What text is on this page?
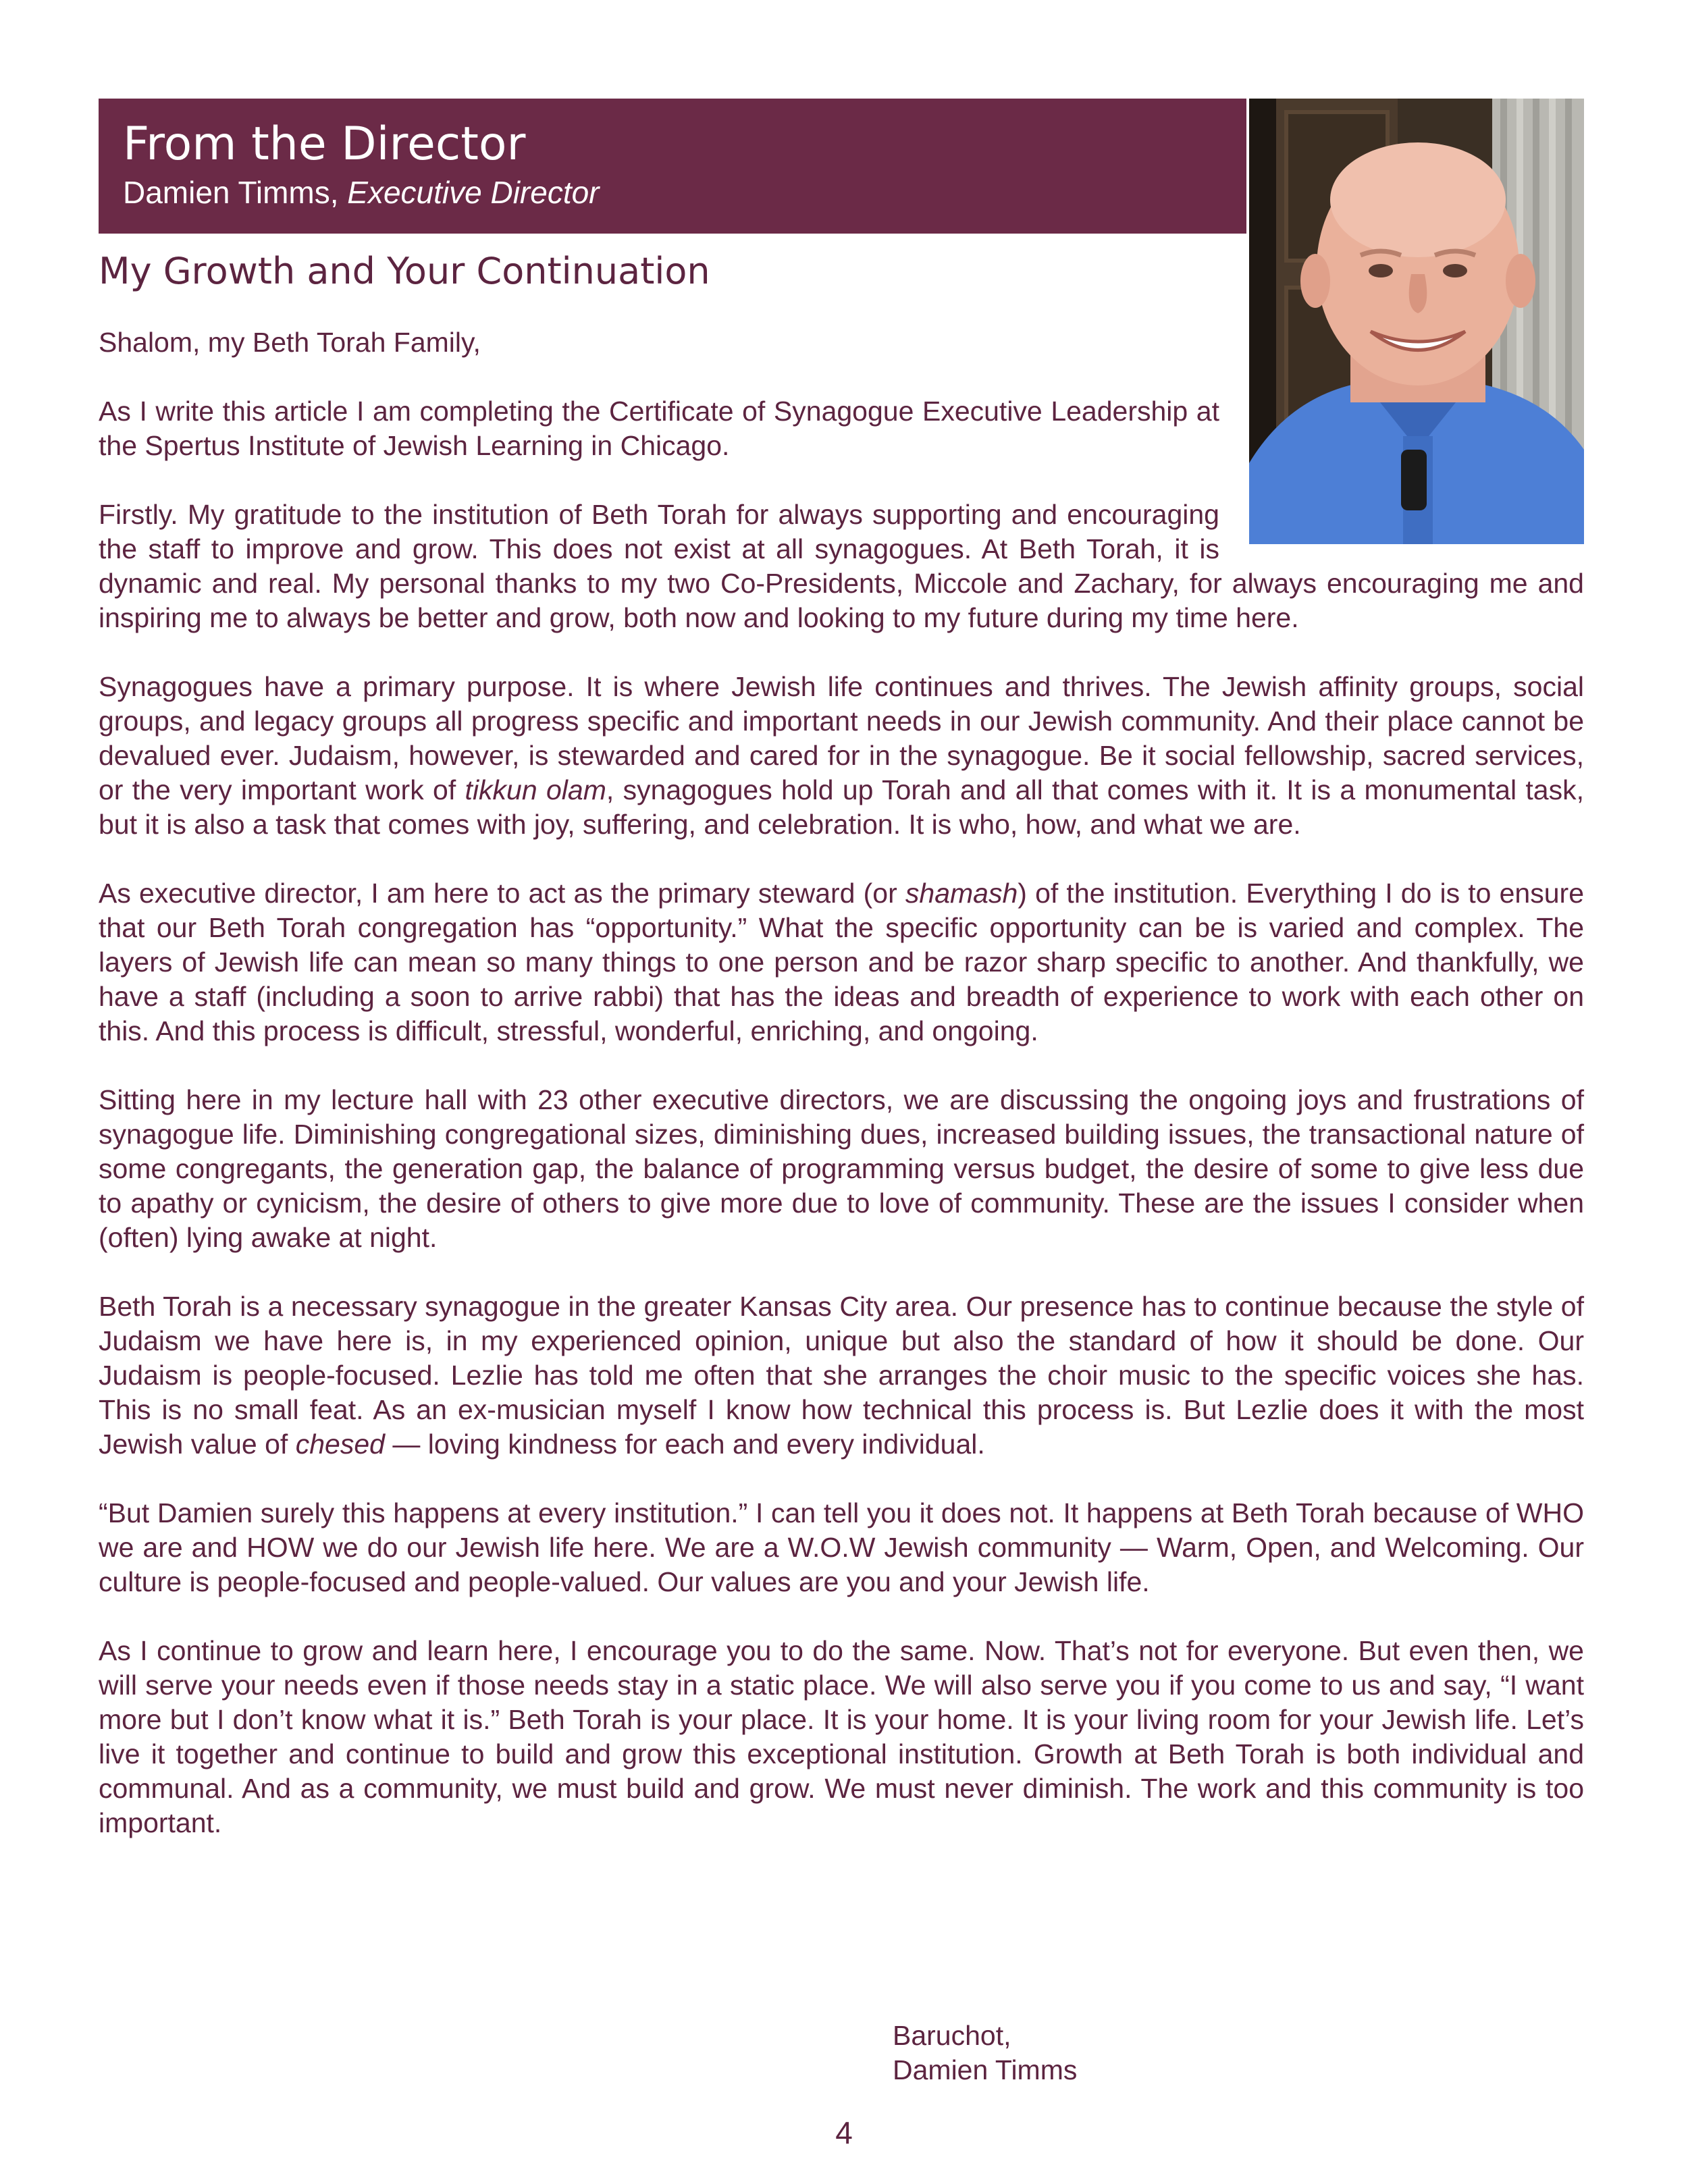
From the Director
Damien Timms, Executive Director
My Growth and Your Continuation

Shalom, my Beth Torah Family,

As I write this article I am completing the Certificate of Synagogue Executive Leadership at the Spertus Institute of Jewish Learning in Chicago.

Firstly. My gratitude to the institution of Beth Torah for always supporting and encouraging the staff to improve and grow. This does not exist at all synagogues. At Beth Torah, it is dynamic and real. My personal thanks to my two Co-Presidents, Miccole and Zachary, for always encouraging me and inspiring me to always be better and grow, both now and looking to my future during my time here.

Synagogues have a primary purpose. It is where Jewish life continues and thrives. The Jewish affinity groups, social groups, and legacy groups all progress specific and important needs in our Jewish community. And their place cannot be devalued ever. Judaism, however, is stewarded and cared for in the synagogue. Be it social fellowship, sacred services, or the very important work of tikkun olam, synagogues hold up Torah and all that comes with it. It is a monumental task, but it is also a task that comes with joy, suffering, and celebration. It is who, how, and what we are.

As executive director, I am here to act as the primary steward (or shamash) of the institution. Everything I do is to ensure that our Beth Torah congregation has “opportunity.” What the specific opportunity can be is varied and complex. The layers of Jewish life can mean so many things to one person and be razor sharp specific to another. And thankfully, we have a staff (including a soon to arrive rabbi) that has the ideas and breadth of experience to work with each other on this. And this process is difficult, stressful, wonderful, enriching, and ongoing.

Sitting here in my lecture hall with 23 other executive directors, we are discussing the ongoing joys and frustrations of synagogue life. Diminishing congregational sizes, diminishing dues, increased building issues, the transactional nature of some congregants, the generation gap, the balance of programming versus budget, the desire of some to give less due to apathy or cynicism, the desire of others to give more due to love of community. These are the issues I consider when (often) lying awake at night.

Beth Torah is a necessary synagogue in the greater Kansas City area. Our presence has to continue because the style of Judaism we have here is, in my experienced opinion, unique but also the standard of how it should be done. Our Judaism is people-focused. Lezlie has told me often that she arranges the choir music to the specific voices she has. This is no small feat. As an ex-musician myself I know how technical this process is. But Lezlie does it with the most Jewish value of chesed — loving kindness for each and every individual.

“But Damien surely this happens at every institution.” I can tell you it does not. It happens at Beth Torah because of WHO we are and HOW we do our Jewish life here. We are a W.O.W Jewish community — Warm, Open, and Welcoming. Our culture is people-focused and people-valued. Our values are you and your Jewish life.

As I continue to grow and learn here, I encourage you to do the same. Now. That’s not for everyone. But even then, we will serve your needs even if those needs stay in a static place. We will also serve you if you come to us and say, “I want more but I don’t know what it is.” Beth Torah is your place. It is your home. It is your living room for your Jewish life. Let’s live it together and continue to build and grow this exceptional institution. Growth at Beth Torah is both individual and communal. And as a community, we must build and grow. We must never diminish. The work and this community is too important.

Baruchot,
Damien Timms
4
